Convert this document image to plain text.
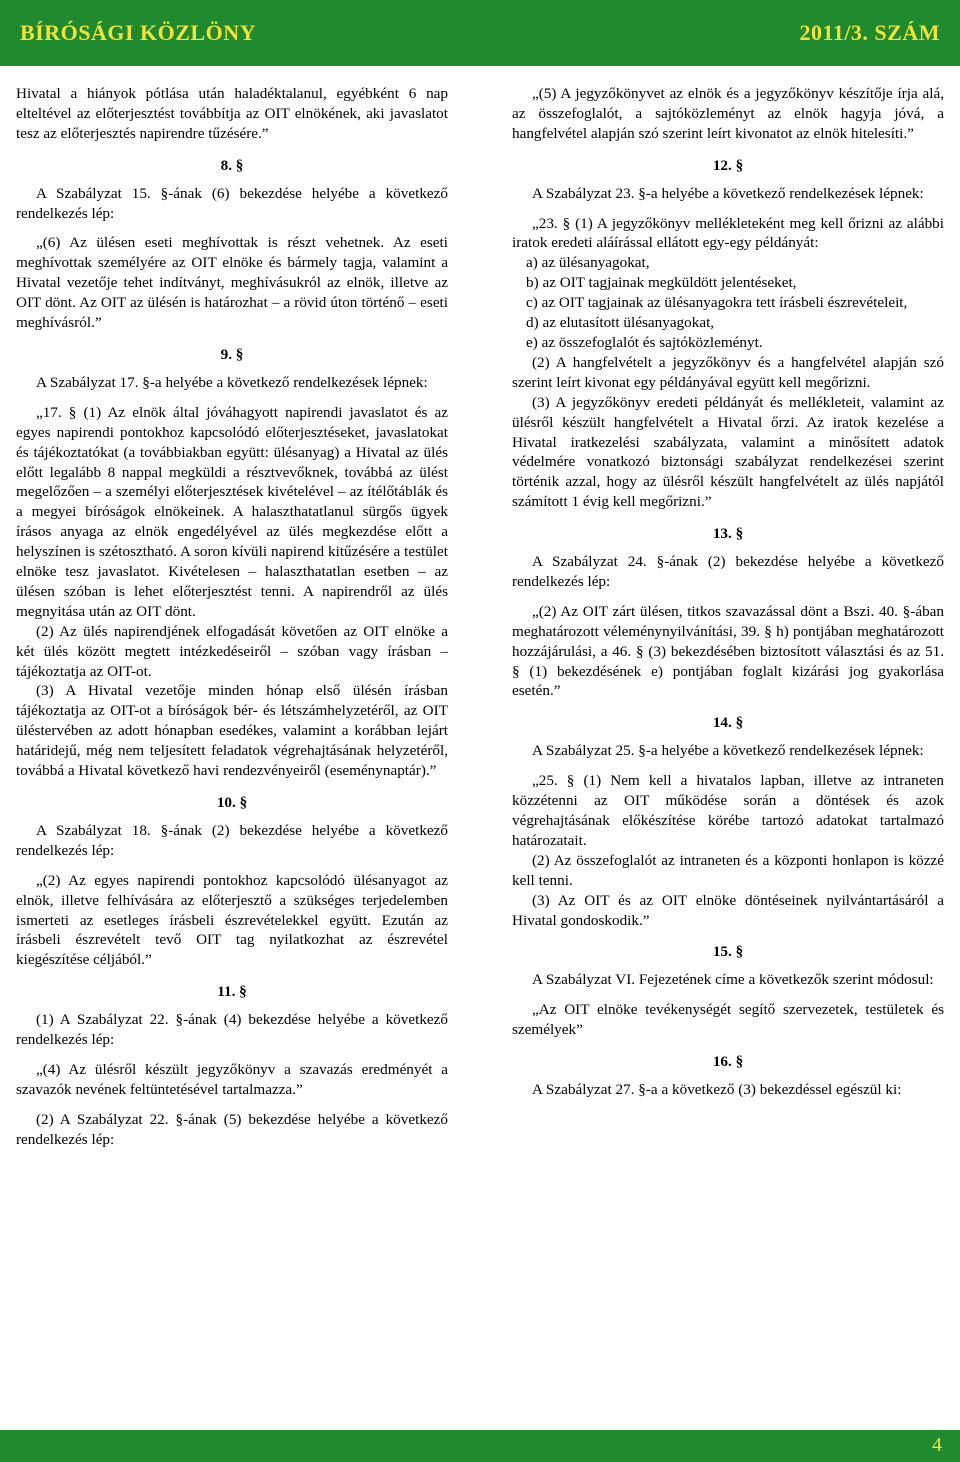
BÍRÓSÁGI KÖZLÖNY	2011/3. SZÁM

Hivatal a hiányok pótlása után haladéktalanul, egyébként 6 nap elteltével az előterjesztést továbbítja az OIT elnökének, aki javaslatot tesz az előterjesztés napirendre tűzésére.”

8. §

A Szabályzat 15. §-ának (6) bekezdése helyébe a következő rendelkezés lép:

„(6) Az ülésen eseti meghívottak is részt vehetnek. Az eseti meghívottak személyére az OIT elnöke és bármely tagja, valamint a Hivatal vezetője tehet indítványt, meghívásukról az elnök, illetve az OIT dönt. Az OIT az ülésén is határozhat – a rövid úton történő – eseti meghívásról.”

9. §

A Szabályzat 17. §-a helyébe a következő rendelkezések lépnek:

„17. § (1) Az elnök által jóváhagyott napirendi javaslatot és az egyes napirendi pontokhoz kapcsolódó előterjesztéseket, javaslatokat és tájékoztatókat (a továbbiakban együtt: ülésanyag) a Hivatal az ülés előtt legalább 8 nappal megküldi a résztvevőknek, továbbá az ülést megelőzően – a személyi előterjesztések kivételével – az ítélőtáblák és a megyei bíróságok elnökeinek. A halaszthatatlanul sürgős ügyek írásos anyaga az elnök engedélyével az ülés megkezdése előtt a helyszínen is szétosztható. A soron kívüli napirend kitűzésére a testület elnöke tesz javaslatot. Kivételesen – halaszthatatlan esetben – az ülésen szóban is lehet előterjesztést tenni. A napirendről az ülés megnyitása után az OIT dönt.

(2) Az ülés napirendjének elfogadását követően az OIT elnöke a két ülés között megtett intézkedéseiről – szóban vagy írásban – tájékoztatja az OIT-ot.

(3) A Hivatal vezetője minden hónap első ülésén írásban tájékoztatja az OIT-ot a bíróságok bér- és létszámhelyzetéről, az OIT üléstervében az adott hónapban esedékes, valamint a korábban lejárt határidejű, még nem teljesített feladatok végrehajtásának helyzetéről, továbbá a Hivatal következő havi rendezvényeiről (eseménynaptár).”

10. §

A Szabályzat 18. §-ának (2) bekezdése helyébe a következő rendelkezés lép:

„(2) Az egyes napirendi pontokhoz kapcsolódó ülésanyagot az elnök, illetve felhívására az előterjesztő a szükséges terjedelemben ismerteti az esetleges írásbeli észrevételekkel együtt. Ezután az írásbeli észrevételt tevő OIT tag nyilatkozhat az észrevétel kiegészítése céljából.”

11. §

(1) A Szabályzat 22. §-ának (4) bekezdése helyébe a következő rendelkezés lép:

„(4) Az ülésről készült jegyzőkönyv a szavazás eredményét a szavazók nevének feltüntetésével tartalmazza.”

(2) A Szabályzat 22. §-ának (5) bekezdése helyébe a következő rendelkezés lép:

„(5) A jegyzőkönyvet az elnök és a jegyzőkönyv készítője írja alá, az összefoglalót, a sajtóközleményt az elnök hagyja jóvá, a hangfelvétel alapján szó szerint leírt kivonatot az elnök hitelesíti.”

12. §

A Szabályzat 23. §-a helyébe a következő rendelkezések lépnek:

„23. § (1) A jegyzőkönyv mellékleteként meg kell őrizni az alábbi iratok eredeti aláírással ellátott egy-egy példányát:

a) az ülésanyagokat,
b) az OIT tagjainak megküldött jelentéseket,
c) az OIT tagjainak az ülésanyagokra tett írásbeli észrevételeit,
d) az elutasított ülésanyagokat,
e) az összefoglalót és sajtóközleményt.

(2) A hangfelvételt a jegyzőkönyv és a hangfelvétel alapján szó szerint leírt kivonat egy példányával együtt kell megőrizni.

(3) A jegyzőkönyv eredeti példányát és mellékleteit, valamint az ülésről készült hangfelvételt a Hivatal őrzi. Az iratok kezelése a Hivatal iratkezelési szabályzata, valamint a minősített adatok védelmére vonatkozó biztonsági szabályzat rendelkezései szerint történik azzal, hogy az ülésről készült hangfelvételt az ülés napjától számított 1 évig kell megőrizni.”

13. §

A Szabályzat 24. §-ának (2) bekezdése helyébe a következő rendelkezés lép:

„(2) Az OIT zárt ülésen, titkos szavazással dönt a Bszi. 40. §-ában meghatározott véleménynyilvánítási, 39. § h) pontjában meghatározott hozzájárulási, a 46. § (3) bekezdésében biztosított választási és az 51. § (1) bekezdésének e) pontjában foglalt kizárási jog gyakorlása esetén.”

14. §

A Szabályzat 25. §-a helyébe a következő rendelkezések lépnek:

„25. § (1) Nem kell a hivatalos lapban, illetve az intraneten közzétenni az OIT működése során a döntések és azok végrehajtásának előkészítése körébe tartozó adatokat tartalmazó határozatait.

(2) Az összefoglalót az intraneten és a központi honlapon is közzé kell tenni.

(3) Az OIT és az OIT elnöke döntéseinek nyilvántartásáról a Hivatal gondoskodik.”

15. §

A Szabályzat VI. Fejezetének címe a következők szerint módosul:

„Az OIT elnöke tevékenységét segítő szervezetek, testületek és személyek”

16. §

A Szabályzat 27. §-a a következő (3) bekezdéssel egészül ki:

4
